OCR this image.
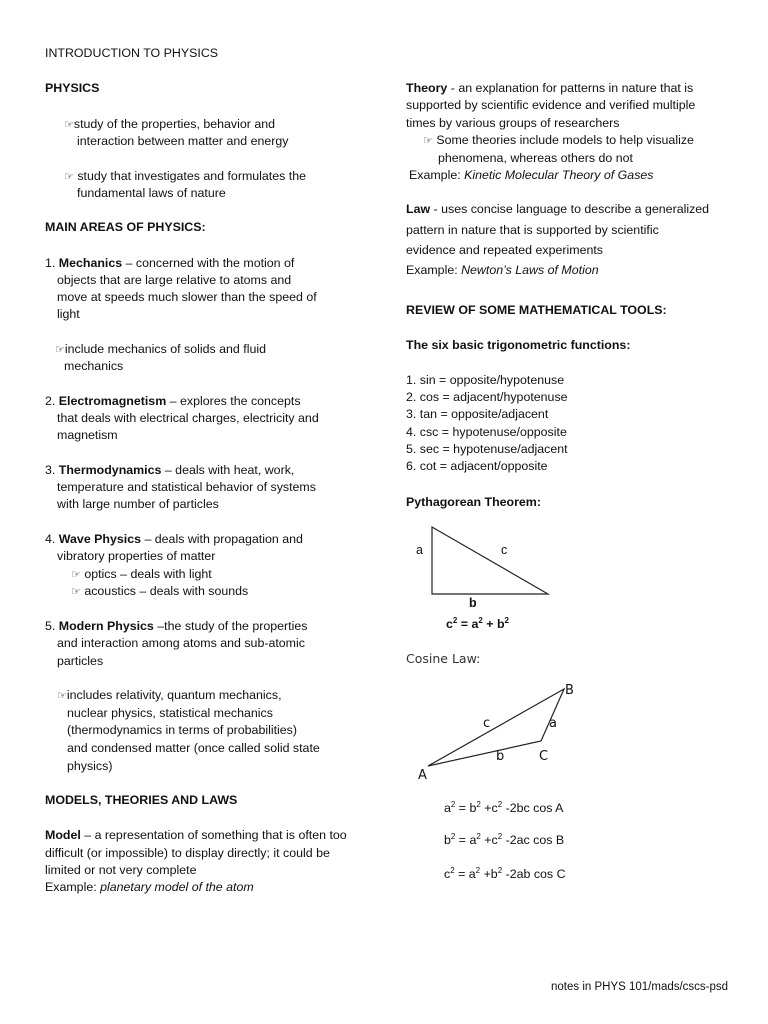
INTRODUCTION TO PHYSICS
PHYSICS
☞study of the properties, behavior and
interaction between matter and energy
☞ study that investigates and formulates the
fundamental laws of nature
MAIN AREAS OF PHYSICS:
1. Mechanics – concerned with the motion of
objects that are large relative to atoms and
move at speeds much slower than the speed of
light
☞include mechanics of solids and fluid
mechanics
2. Electromagnetism – explores the concepts
that deals with electrical charges, electricity and
magnetism
3. Thermodynamics – deals with heat, work,
temperature and statistical behavior of systems
with large number of particles
4. Wave Physics – deals with propagation and
vibratory properties of matter
☞ optics – deals with light
☞ acoustics – deals with sounds
5. Modern Physics –the study of the properties
and interaction among atoms and sub-atomic
particles
☞includes relativity, quantum mechanics,
nuclear physics, statistical mechanics
(thermodynamics in terms of probabilities)
and condensed matter (once called solid state
physics)
MODELS, THEORIES AND LAWS
Model – a representation of something that is often too
difficult (or impossible) to display directly; it could be
limited or not very complete
Example: planetary model of the atom
Theory - an explanation for patterns in nature that is
supported by scientific evidence and verified multiple
times by various groups of researchers
☞ Some theories include models to help visualize
phenomena, whereas others do not
Example: Kinetic Molecular Theory of Gases
Law - uses concise language to describe a generalized
pattern in nature that is supported by scientific
evidence and repeated experiments
Example: Newton’s Laws of Motion
REVIEW OF SOME MATHEMATICAL TOOLS:
The six basic trigonometric functions:
1. sin = opposite/hypotenuse
2. cos = adjacent/hypotenuse
3. tan = opposite/adjacent
4. csc = hypotenuse/opposite
5. sec = hypotenuse/adjacent
6. cot = adjacent/opposite
Pythagorean Theorem:
a	c
b
$c^2 = a^2 + b^2$
Cosine Law:
B
c	a
b	C
A
$a^2 = b^2 +c^2$ -2bc cos A
$b^2 = a^2 +c^2$ -2ac cos B
$c^2 = a^2 +b^2$ -2ab cos C
notes in PHYS 101/mads/cscs-psd
